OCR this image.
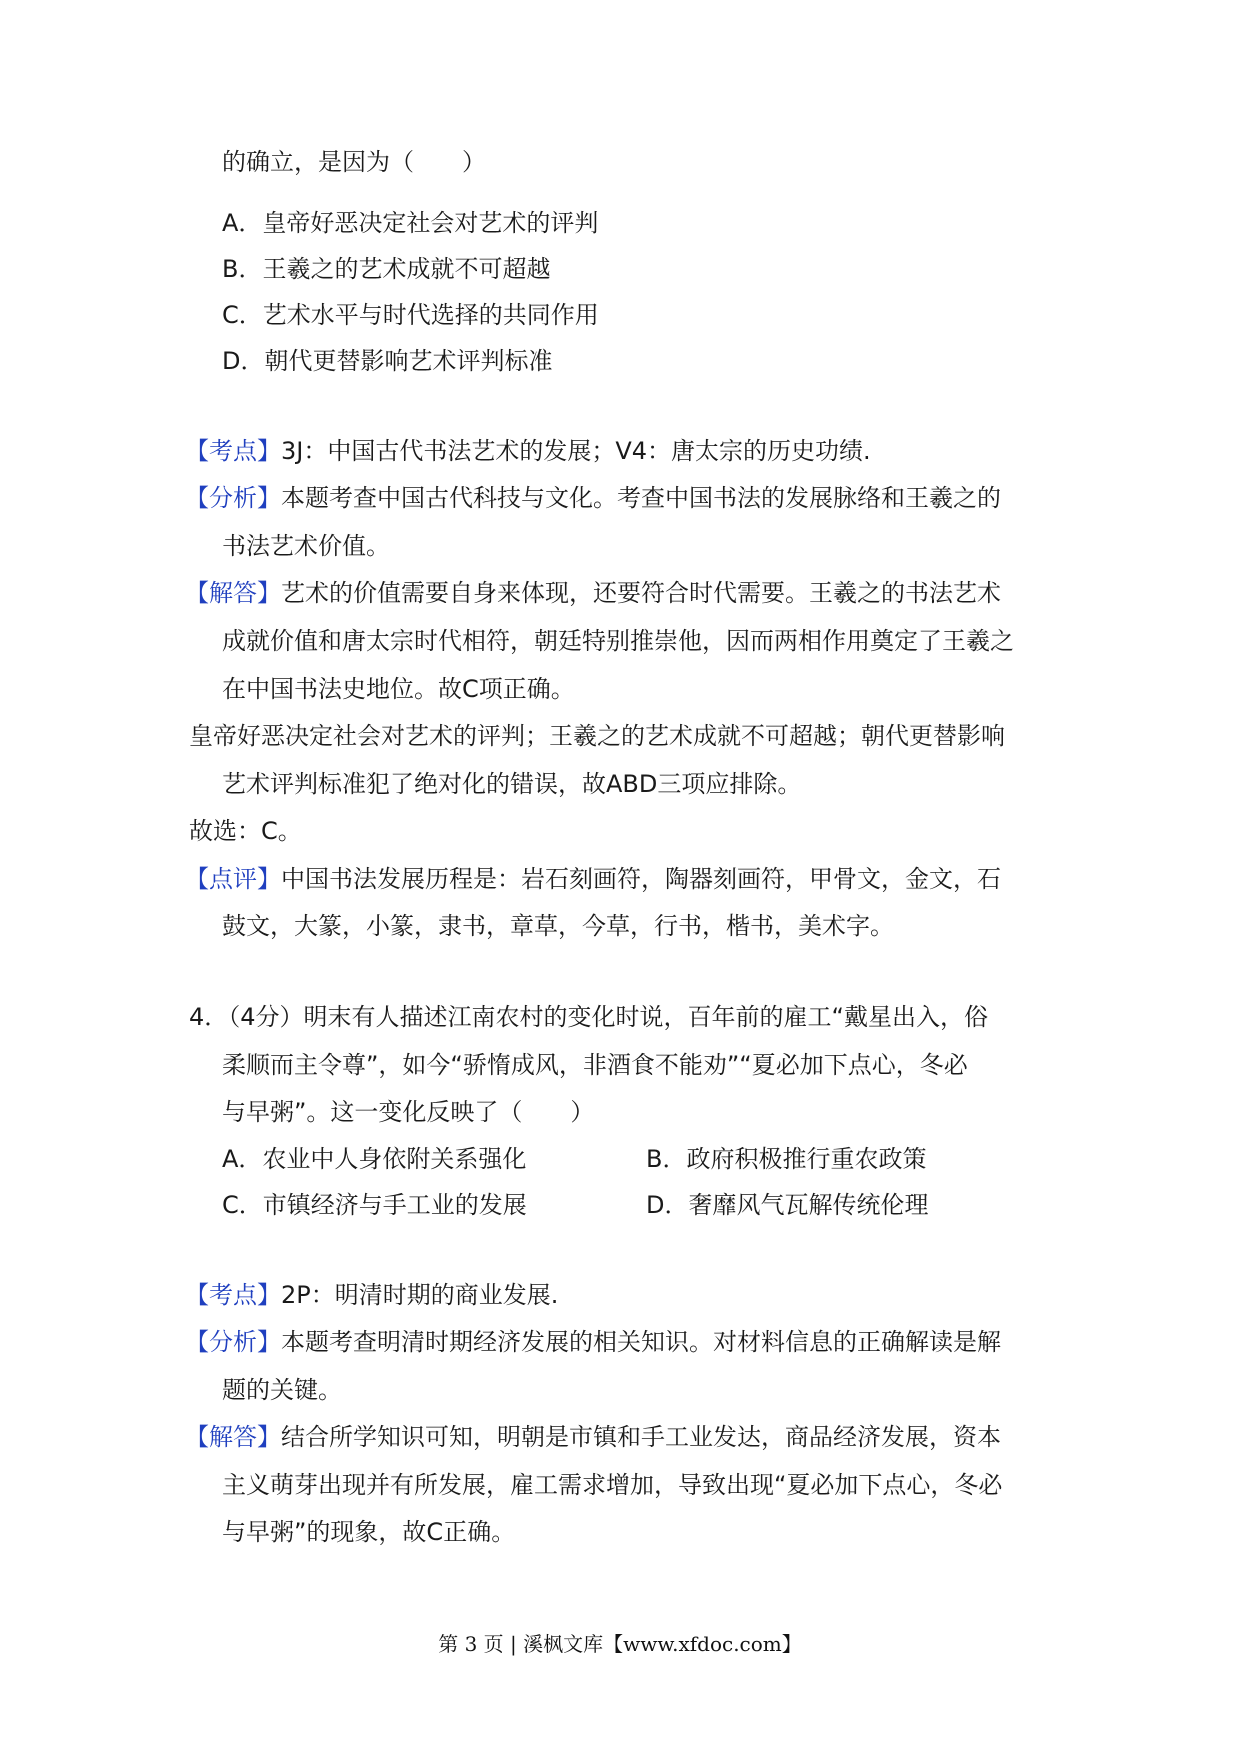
的确立，是因为（　　）
A．皇帝好恶决定社会对艺术的评判
B．王羲之的艺术成就不可超越
C．艺术水平与时代选择的共同作用
D．朝代更替影响艺术评判标准
【考点】3J：中国古代书法艺术的发展；V4：唐太宗的历史功绩.
【分析】本题考查中国古代科技与文化。考查中国书法的发展脉络和王羲之的
书法艺术价值。
【解答】艺术的价值需要自身来体现，还要符合时代需要。王羲之的书法艺术
成就价值和唐太宗时代相符，朝廷特别推崇他，因而两相作用奠定了王羲之
在中国书法史地位。故C项正确。
皇帝好恶决定社会对艺术的评判；王羲之的艺术成就不可超越；朝代更替影响
艺术评判标准犯了绝对化的错误，故ABD三项应排除。
故选：C。
【点评】中国书法发展历程是：岩石刻画符，陶器刻画符，甲骨文，金文，石
鼓文，大篆，小篆，隶书，章草，今草，行书，楷书，美术字。
4．（4分）明末有人描述江南农村的变化时说，百年前的雇工“戴星出入，俗
柔顺而主令尊”，如今“骄惰成风，非酒食不能劝”“夏必加下点心，冬必
与早粥”。这一变化反映了（　　）
A．农业中人身依附关系强化	B．政府积极推行重农政策
C．市镇经济与手工业的发展	D．奢靡风气瓦解传统伦理
【考点】2P：明清时期的商业发展.
【分析】本题考查明清时期经济发展的相关知识。对材料信息的正确解读是解
题的关键。
【解答】结合所学知识可知，明朝是市镇和手工业发达，商品经济发展，资本
主义萌芽出现并有所发展，雇工需求增加，导致出现“夏必加下点心，冬必
与早粥”的现象，故C正确。
第 3 页 | 溪枫文库【www.xfdoc.com】
